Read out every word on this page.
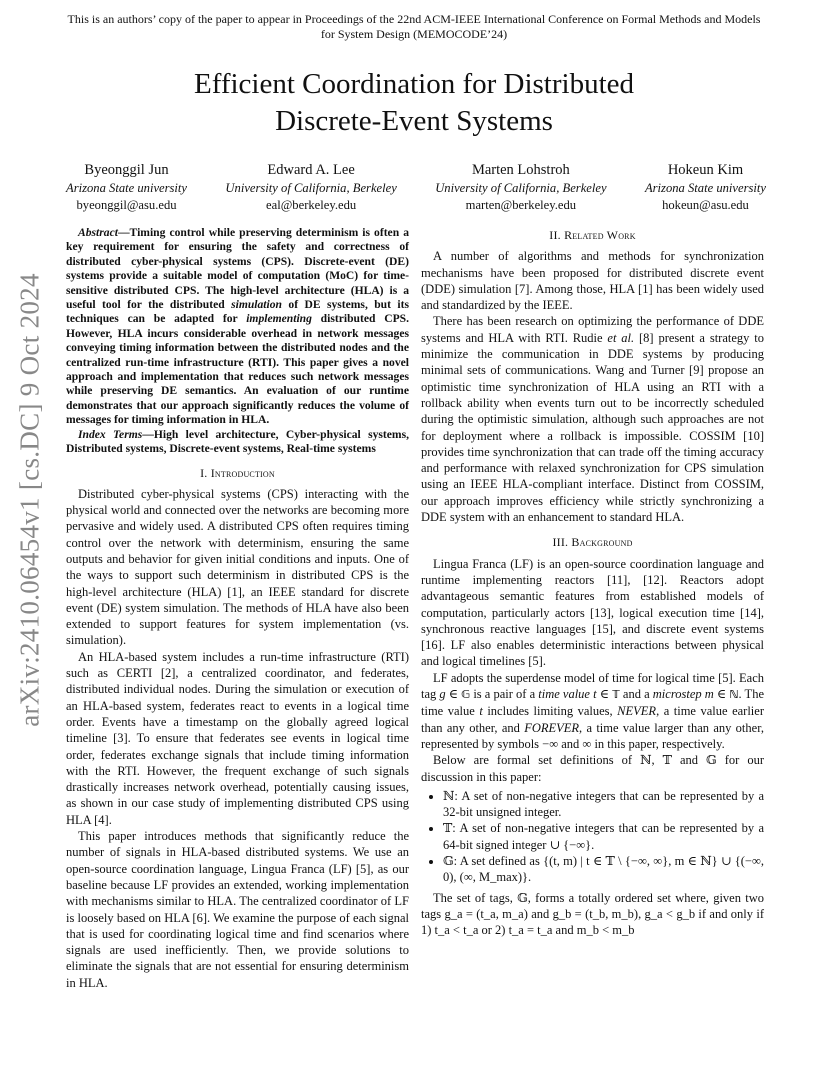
This is an authors’ copy of the paper to appear in Proceedings of the 22nd ACM-IEEE International Conference on Formal Methods and Models for System Design (MEMOCODE’24)
arXiv:2410.06454v1 [cs.DC] 9 Oct 2024
Efficient Coordination for Distributed
Discrete-Event Systems
Byeonggil Jun
Arizona State university
byeonggil@asu.edu
Edward A. Lee
University of California, Berkeley
eal@berkeley.edu
Marten Lohstroh
University of California, Berkeley
marten@berkeley.edu
Hokeun Kim
Arizona State university
hokeun@asu.edu

Abstract—Timing control while preserving determinism is often a key requirement for ensuring the safety and correctness of distributed cyber-physical systems (CPS). Discrete-event (DE) systems provide a suitable model of computation (MoC) for time-sensitive distributed CPS. The high-level architecture (HLA) is a useful tool for the distributed simulation of DE systems, but its techniques can be adapted for implementing distributed CPS. However, HLA incurs considerable overhead in network messages conveying timing information between the distributed nodes and the centralized run-time infrastructure (RTI). This paper gives a novel approach and implementation that reduces such network messages while preserving DE semantics. An evaluation of our runtime demonstrates that our approach significantly reduces the volume of messages for timing information in HLA.

Index Terms—High level architecture, Cyber-physical systems, Distributed systems, Discrete-event systems, Real-time systems

I. Introduction

Distributed cyber-physical systems (CPS) interacting with the physical world and connected over the networks are becoming more pervasive and widely used. A distributed CPS often requires timing control over the network with determinism, ensuring the same outputs and behavior for given initial conditions and inputs. One of the ways to support such determinism in distributed CPS is the high-level architecture (HLA) [1], an IEEE standard for discrete event (DE) system simulation. The methods of HLA have also been extended to support features for system implementation (vs. simulation).

An HLA-based system includes a run-time infrastructure (RTI) such as CERTI [2], a centralized coordinator, and federates, distributed individual nodes. During the simulation or execution of an HLA-based system, federates react to events in a logical time order. Events have a timestamp on the globally agreed logical timeline [3]. To ensure that federates see events in logical time order, federates exchange signals that include timing information with the RTI. However, the frequent exchange of such signals drastically increases network overhead, potentially causing issues, as shown in our case study of implementing distributed CPS using HLA [4].

This paper introduces methods that significantly reduce the number of signals in HLA-based distributed systems. We use an open-source coordination language, Lingua Franca (LF) [5], as our baseline because LF provides an extended, working implementation with mechanisms similar to HLA. The centralized coordinator of LF is loosely based on HLA [6]. We examine the purpose of each signal that is used for coordinating logical time and find scenarios where signals are used inefficiently. Then, we provide solutions to eliminate the signals that are not essential for ensuring determinism in HLA.

II. Related Work

A number of algorithms and methods for synchronization mechanisms have been proposed for distributed discrete event (DDE) simulation [7]. Among those, HLA [1] has been widely used and standardized by the IEEE.

There has been research on optimizing the performance of DDE systems and HLA with RTI. Rudie et al. [8] present a strategy to minimize the communication in DDE systems by producing minimal sets of communications. Wang and Turner [9] propose an optimistic time synchronization of HLA using an RTI with a rollback ability when events turn out to be incorrectly scheduled during the optimistic simulation, although such approaches are not for deployment where a rollback is impossible. COSSIM [10] provides time synchronization that can trade off the timing accuracy and performance with relaxed synchronization for CPS simulation using an IEEE HLA-compliant interface. Distinct from COSSIM, our approach improves efficiency while strictly synchronizing a DDE system with an enhancement to standard HLA.

III. Background

Lingua Franca (LF) is an open-source coordination language and runtime implementing reactors [11], [12]. Reactors adopt advantageous semantic features from established models of computation, particularly actors [13], logical execution time [14], synchronous reactive languages [15], and discrete event systems [16]. LF also enables deterministic interactions between physical and logical timelines [5].

LF adopts the superdense model of time for logical time [5]. Each tag g ∈ 𝔾 is a pair of a time value t ∈ 𝕋 and a microstep m ∈ ℕ. The time value t includes limiting values, NEVER, a time value earlier than any other, and FOREVER, a time value larger than any other, represented by symbols −∞ and ∞ in this paper, respectively.

Below are formal set definitions of ℕ, 𝕋 and 𝔾 for our discussion in this paper:

• ℕ: A set of non-negative integers that can be represented by a 32-bit unsigned integer.
• 𝕋: A set of non-negative integers that can be represented by a 64-bit signed integer ∪ {−∞}.
• 𝔾: A set defined as {(t, m) | t ∈ 𝕋 \ {−∞, ∞}, m ∈ ℕ} ∪ {(−∞, 0), (∞, M_max)}.

The set of tags, 𝔾, forms a totally ordered set where, given two tags g_a = (t_a, m_a) and g_b = (t_b, m_b), g_a < g_b if and only if 1) t_a < t_a or 2) t_a = t_a and m_b < m_b
